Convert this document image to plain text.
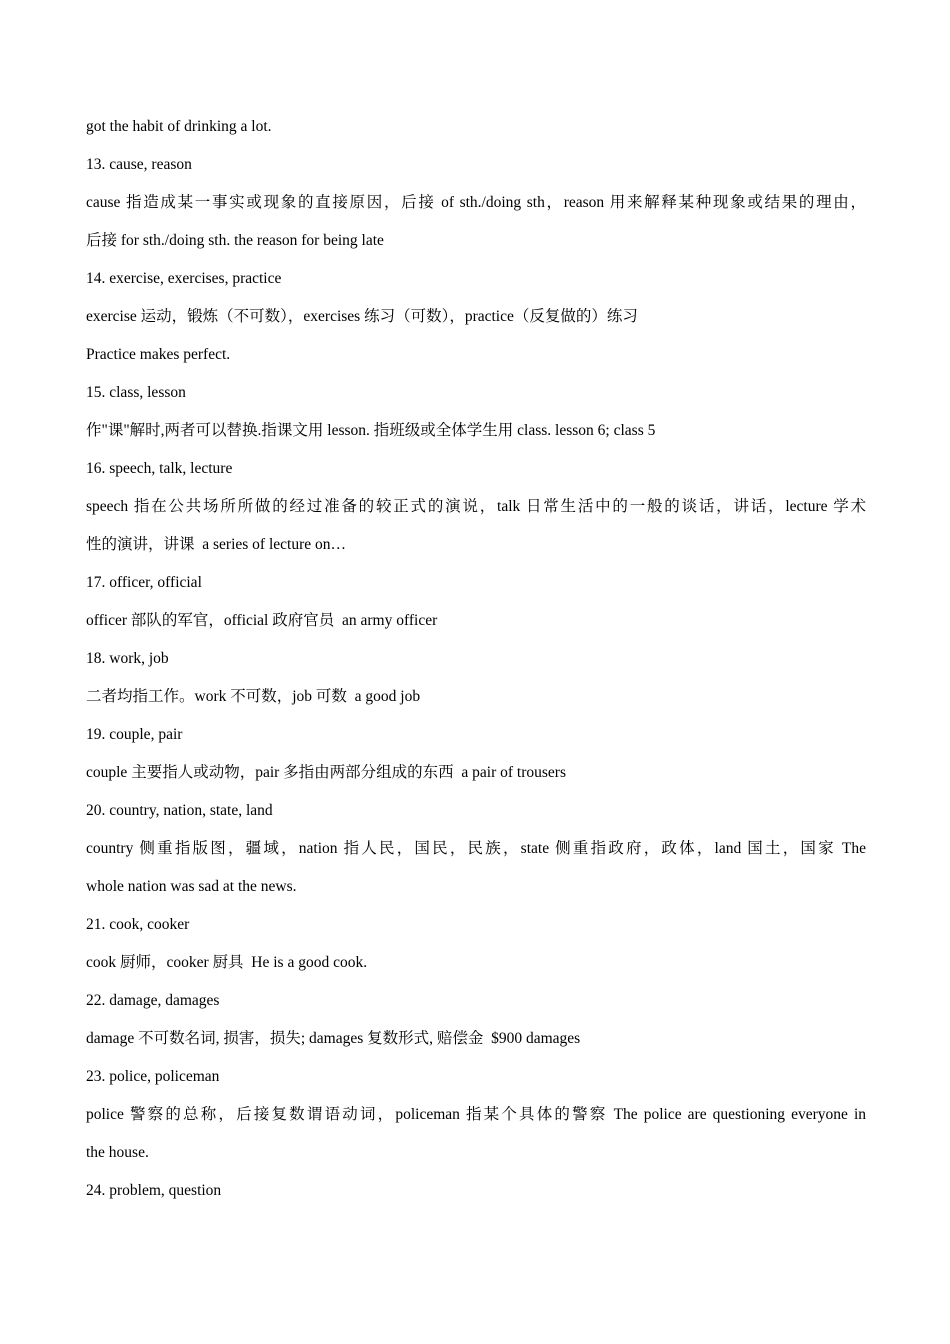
got the habit of drinking a lot.

13. cause, reason

cause 指造成某一事实或现象的直接原因，后接 of sth./doing sth，reason 用来解释某种现象或结果的理由，

后接 for sth./doing sth. the reason for being late

14. exercise, exercises, practice

exercise 运动，锻炼（不可数），exercises 练习（可数），practice（反复做的）练习

Practice makes perfect.

15. class, lesson

作"课"解时,两者可以替换.指课文用 lesson. 指班级或全体学生用 class. lesson 6; class 5

16. speech, talk, lecture

speech 指在公共场所所做的经过准备的较正式的演说，talk 日常生活中的一般的谈话，讲话，lecture 学术

性的演讲，讲课  a series of lecture on…

17. officer, official

officer 部队的军官，official 政府官员  an army officer

18. work, job

二者均指工作。work 不可数，job 可数  a good job

19. couple, pair

couple 主要指人或动物，pair 多指由两部分组成的东西  a pair of trousers

20. country, nation, state, land

country 侧重指版图，疆域，nation 指人民，国民，民族，state 侧重指政府，政体，land 国土，国家 The

whole nation was sad at the news.

21. cook, cooker

cook 厨师，cooker 厨具  He is a good cook.

22. damage, damages

damage 不可数名词, 损害，损失; damages 复数形式, 赔偿金  $900 damages

23. police, policeman

police 警察的总称，后接复数谓语动词，policeman 指某个具体的警察 The police are questioning everyone in

the house.

24. problem, question
